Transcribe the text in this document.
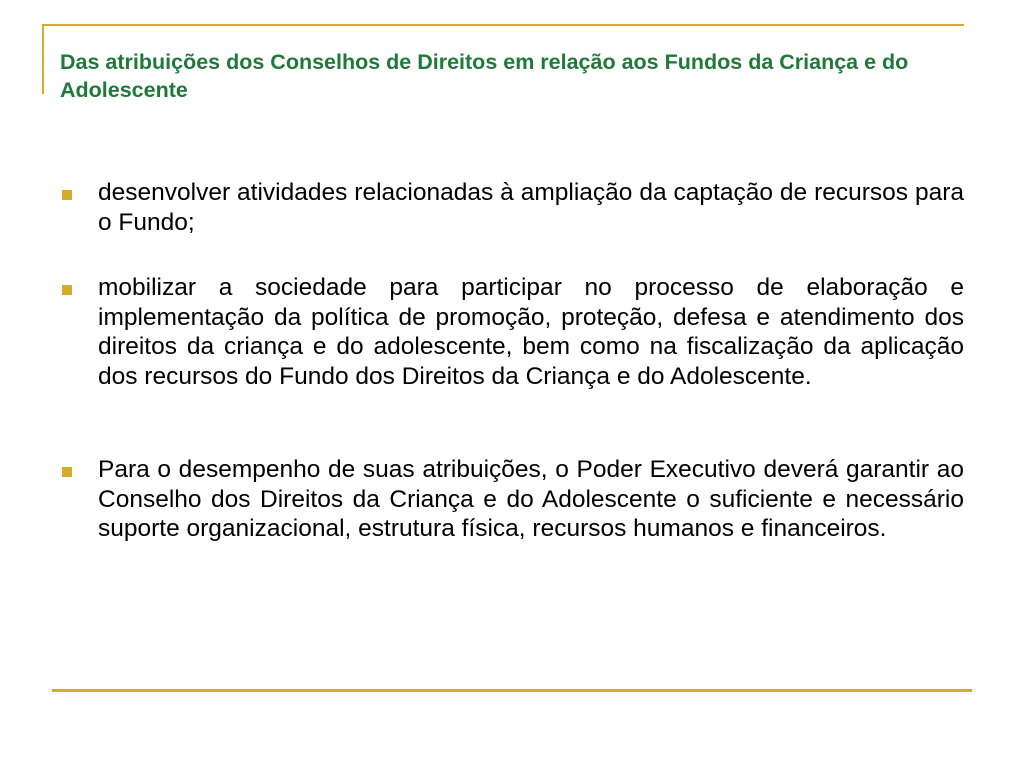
Das atribuições dos Conselhos de Direitos em relação aos Fundos da Criança e do Adolescente
desenvolver atividades relacionadas à ampliação da captação de recursos para o Fundo;
mobilizar a sociedade para participar no processo de elaboração e implementação da política de promoção, proteção, defesa e atendimento dos direitos da criança e do adolescente, bem como na fiscalização da aplicação dos recursos do Fundo dos Direitos da Criança e do Adolescente.
Para o desempenho de suas atribuições, o Poder Executivo deverá garantir ao Conselho dos Direitos da Criança e do Adolescente o suficiente e necessário suporte organizacional, estrutura física, recursos humanos e financeiros.
